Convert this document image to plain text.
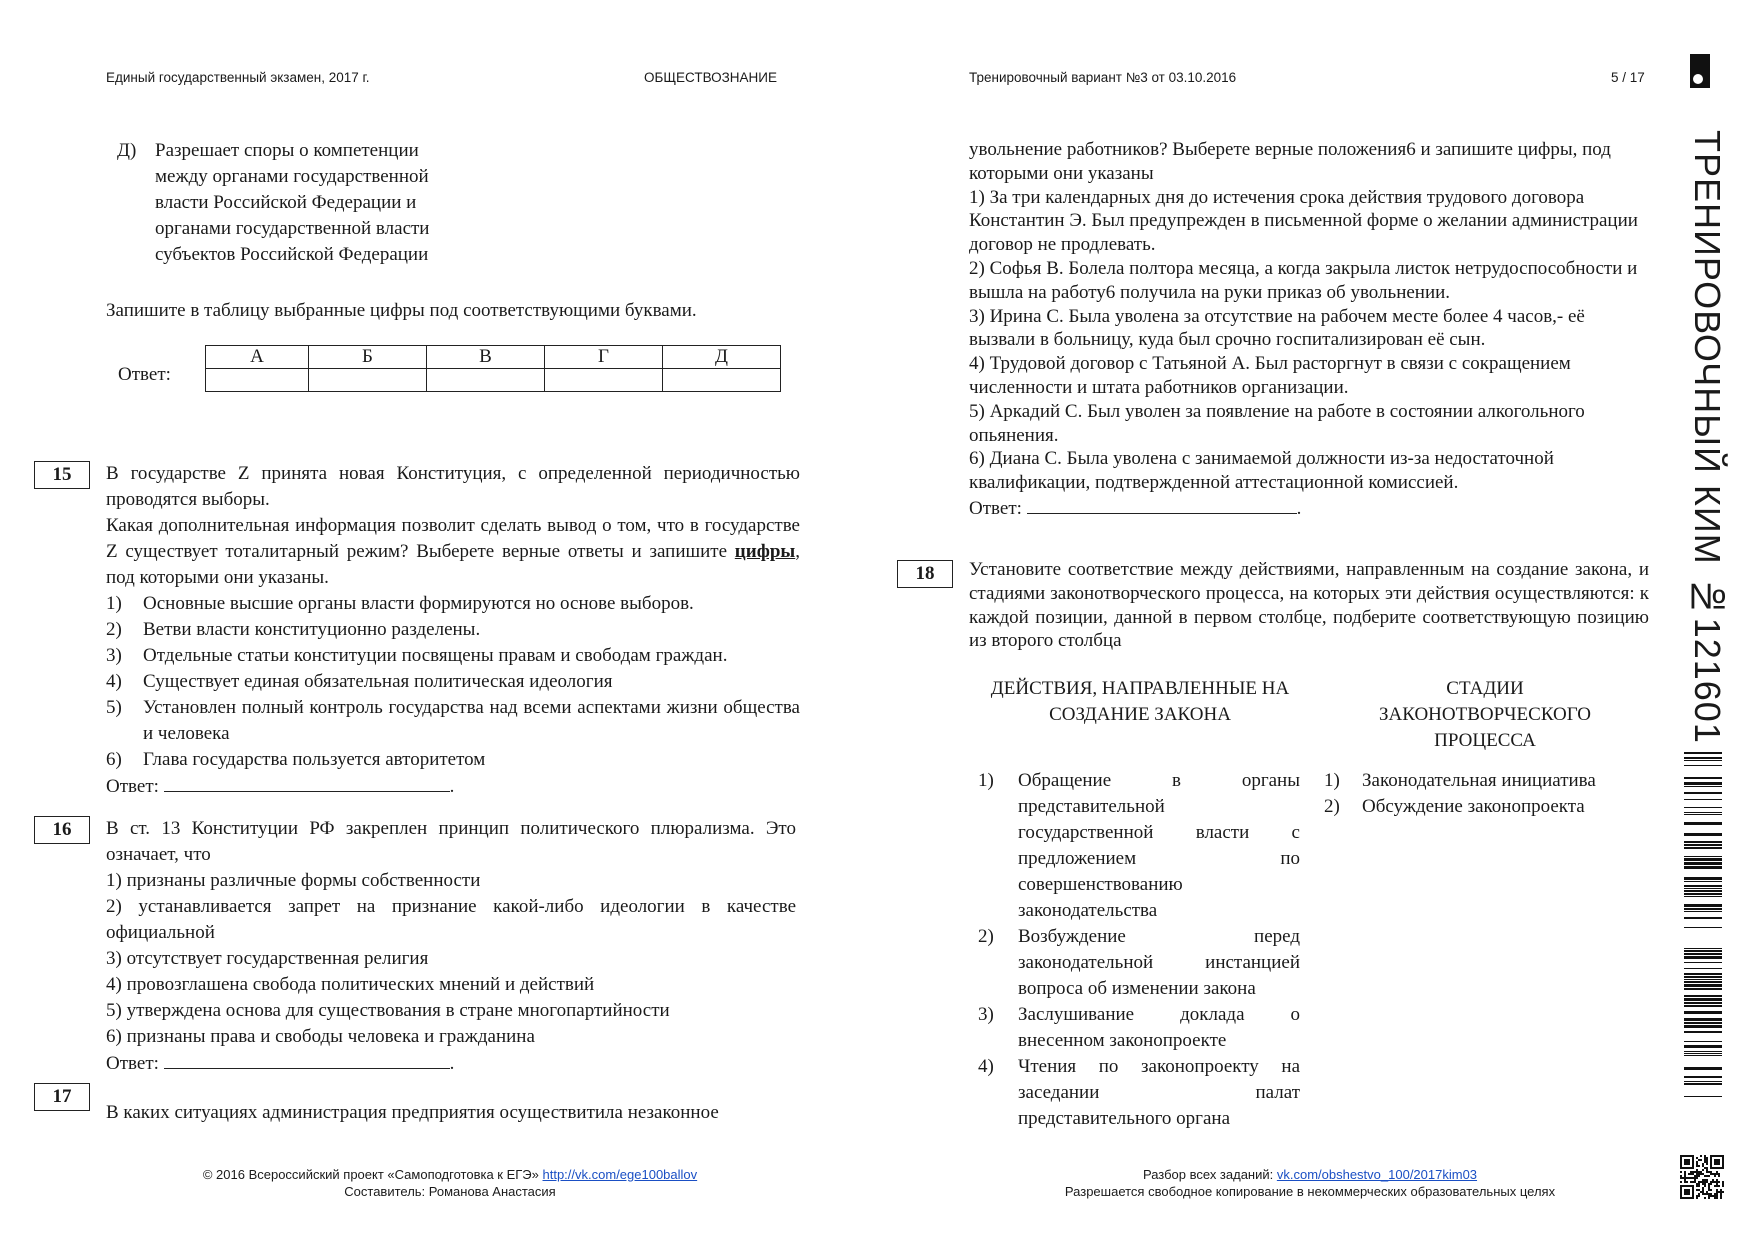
Единый государственный экзамен, 2017 г.	ОБЩЕСТВОЗНАНИЕ	Тренировочный вариант №3 от 03.10.2016	5 / 17
ТРЕНИРОВОЧНЫЙ КИМ №121601
Д) Разрешает споры о компетенции
между органами государственной
власти Российской Федерации и
органами государственной власти
субъектов Российской Федерации
Запишите в таблицу выбранные цифры под соответствующими буквами.
Ответ:
А	Б	В	Г	Д

15	В государстве Z принята новая Конституция, с определенной периодичностью проводятся выборы.
Какая дополнительная информация позволит сделать вывод о том, что в государстве Z существует тоталитарный режим? Выберете верные ответы и запишите цифры, под которыми они указаны.
1)	Основные высшие органы власти формируются но основе выборов.
2)	Ветви власти конституционно разделены.
3)	Отдельные статьи конституции посвящены правам и свободам граждан.
4)	Существует единая обязательная политическая идеология
5)	Установлен полный контроль государства над всеми аспектами жизни общества и человека
6)	Глава государства пользуется авторитетом
Ответ:	.
16	В ст. 13 Конституции РФ закреплен принцип политического плюрализма. Это означает, что
1) признаны различные формы собственности
2) устанавливается запрет на признание какой-либо идеологии в качестве официальной
3) отсутствует государственная религия
4) провозглашена свобода политических мнений и действий
5) утверждена основа для существования в стране многопартийности
6) признаны права и свободы человека и гражданина
Ответ:	.
17
В каких ситуациях администрация предприятия осуществитила незаконное
увольнение работников? Выберете верные положения6 и запишите цифры, под которыми они указаны
1) За три календарных дня до истечения срока действия трудового договора Константин Э. Был предупрежден в письменной форме о желании администрации договор не продлевать.
2) Софья В. Болела полтора месяца, а когда закрыла листок нетрудоспособности и вышла на работу6 получила на руки приказ об увольнении.
3) Ирина С. Была уволена за отсутствие на рабочем месте более 4 часов,- её вызвали в больницу, куда был срочно госпитализирован её сын.
4) Трудовой договор с Татьяной А. Был расторгнут в связи с сокращением численности и штата работников организации.
5) Аркадий С. Был уволен за появление на работе в состоянии алкогольного опьянения.
6) Диана С. Была уволена с занимаемой должности из-за недостаточной квалификации, подтвержденной аттестационной комиссией.
Ответ:	.
18	Установите соответствие между действиями, направленным на создание закона, и стадиями законотворческого процесса, на которых эти действия осуществляются: к каждой позиции, данной в первом столбце, подберите соответствующую позицию из второго столбца
ДЕЙСТВИЯ, НАПРАВЛЕННЫЕ НА СОЗДАНИЕ ЗАКОНА
СТАДИИ ЗАКОНОТВОРЧЕСКОГО ПРОЦЕССА
1)	Обращение в органы представительной государственной власти с предложением по совершенствованию законодательства
2)	Возбуждение перед законодательной инстанцией вопроса об изменении закона
3)	Заслушивание доклада о внесенном законопроекте
4)	Чтения по законопроекту на заседании палат представительного органа
1)	Законодательная инициатива
2)	Обсуждение законопроекта
© 2016 Всероссийский проект «Самоподготовка к ЕГЭ» http://vk.com/ege100ballov
Составитель: Романова Анастасия
Разбор всех заданий: vk.com/obshestvo_100/2017kim03
Разрешается свободное копирование в некоммерческих образовательных целях
